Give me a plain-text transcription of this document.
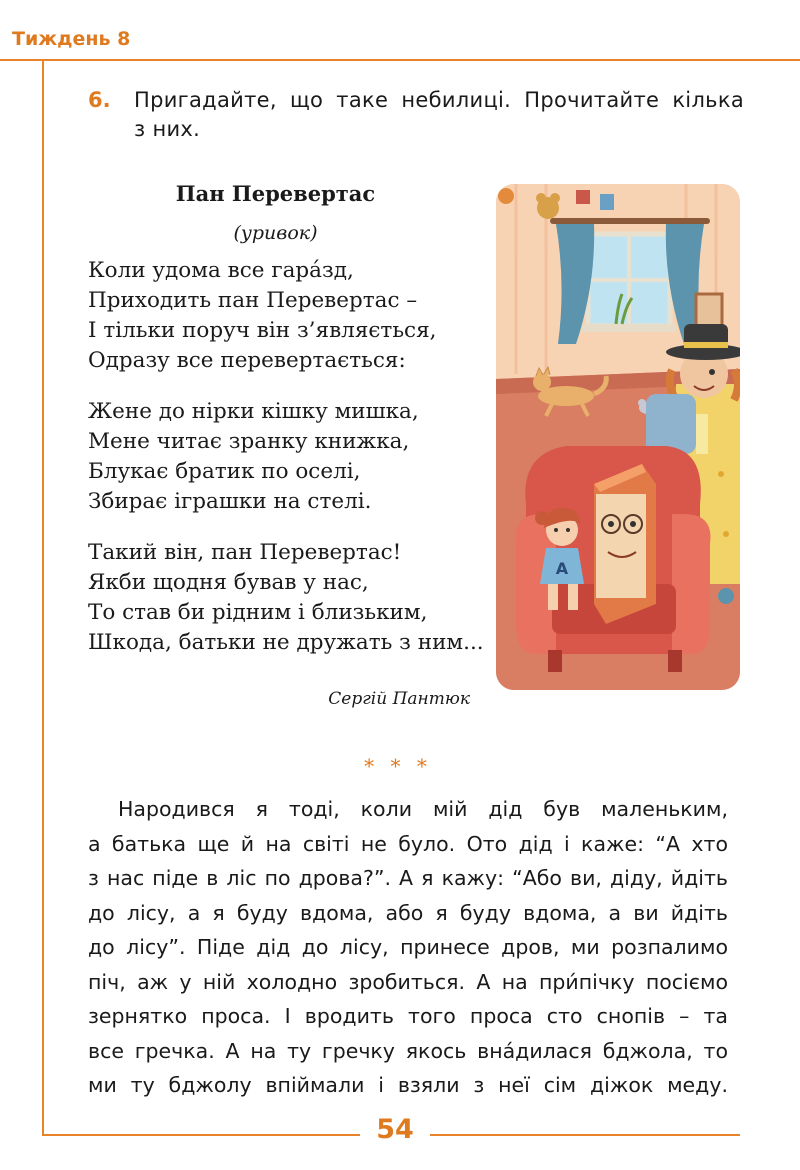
Тиждень 8
6. Пригадайте, що таке небилиці. Прочитайте кілька
з них.
Пан Перевертас
(уривок)
Коли удома все гара́зд,
Приходить пан Перевертас –
І тільки поруч він з’являється,
Одразу все перевертається:
Жене до нірки кішку мишка,
Мене читає зранку книжка,
Блукає братик по оселі,
Збирає іграшки на стелі.
Такий він, пан Перевертас!
Якби щодня бував у нас,
То став би рідним і близьким,
Шкода, батьки не дружать з ним...
Сергій Пантюк
A
* * *
Народився я тоді, коли мій дід був маленьким,
а батька ще й на світі не було. Ото дід і каже: “А хто
з нас піде в ліс по дрова?”. А я кажу: “Або ви, діду, йдіть
до лісу, а я буду вдома, або я буду вдома, а ви йдіть
до лісу”. Піде дід до лісу, принесе дров, ми розпалимо
піч, аж у ній холодно зробиться. А на при́пічку посіємо
зернятко проса. І вродить того проса сто снопів – та
все гречка. А на ту гречку якось вна́дилася бджола, то
ми ту бджолу впіймали і взяли з неї сім діжок меду.
54
